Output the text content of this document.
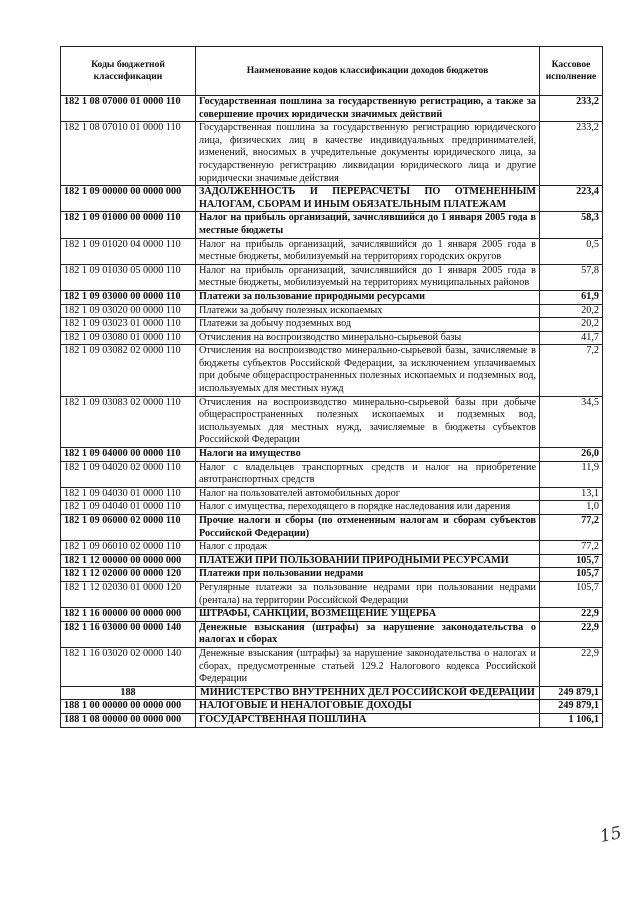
Коды бюджетной классификации	Наименование кодов классификации доходов бюджетов	Кассовое исполнение
182 1 08 07000 01 0000 110	Государственная пошлина за государственную регистрацию, а также за совершение прочих юридически значимых действий	233,2
182 1 08 07010 01 0000 110	Государственная пошлина за государственную регистрацию юридического лица, физических лиц в качестве индивидуальных предпринимателей, изменений, вносимых в учредительные документы юридического лица, за государственную регистрацию ликвидации юридического лица и другие юридически значимые действия	233,2
182 1 09 00000 00 0000 000	ЗАДОЛЖЕННОСТЬ И ПЕРЕРАСЧЕТЫ ПО ОТМЕНЕННЫМ НАЛОГАМ, СБОРАМ И ИНЫМ ОБЯЗАТЕЛЬНЫМ ПЛАТЕЖАМ	223,4
182 1 09 01000 00 0000 110	Налог на прибыль организаций, зачислявшийся до 1 января 2005 года в местные бюджеты	58,3
182 1 09 01020 04 0000 110	Налог на прибыль организаций, зачислявшийся до 1 января 2005 года в местные бюджеты, мобилизуемый на территориях городских округов	0,5
182 1 09 01030 05 0000 110	Налог на прибыль организаций, зачислявшийся до 1 января 2005 года в местные бюджеты, мобилизуемый на территориях муниципальных районов	57,8
182 1 09 03000 00 0000 110	Платежи за пользование природными ресурсами	61,9
182 1 09 03020 00 0000 110	Платежи за добычу полезных ископаемых	20,2
182 1 09 03023 01 0000 110	Платежи за добычу подземных вод	20,2
182 1 09 03080 01 0000 110	Отчисления на воспроизводство минерально-сырьевой базы	41,7
182 1 09 03082 02 0000 110	Отчисления на воспроизводство минерально-сырьевой базы, зачисляемые в бюджеты субъектов Российской Федерации, за исключением уплачиваемых при добыче общераспространенных полезных ископаемых и подземных вод, используемых для местных нужд	7,2
182 1 09 03083 02 0000 110	Отчисления на воспроизводство минерально-сырьевой базы при добыче общераспространенных полезных ископаемых и подземных вод, используемых для местных нужд, зачисляемые в бюджеты субъектов Российской Федерации	34,5
182 1 09 04000 00 0000 110	Налоги на имущество	26,0
182 1 09 04020 02 0000 110	Налог с владельцев транспортных средств и налог на приобретение автотранспортных средств	11,9
182 1 09 04030 01 0000 110	Налог на пользователей автомобильных дорог	13,1
182 1 09 04040 01 0000 110	Налог с имущества, переходящего в порядке наследования или дарения	1,0
182 1 09 06000 02 0000 110	Прочие налоги и сборы (по отмененным налогам и сборам субъектов Российской Федерации)	77,2
182 1 09 06010 02 0000 110	Налог с продаж	77,2
182 1 12 00000 00 0000 000	ПЛАТЕЖИ ПРИ ПОЛЬЗОВАНИИ ПРИРОДНЫМИ РЕСУРСАМИ	105,7
182 1 12 02000 00 0000 120	Платежи при пользовании недрами	105,7
182 1 12 02030 01 0000 120	Регулярные платежи за пользование недрами при пользовании недрами (рентала) на территории Российской Федерации	105,7
182 1 16 00000 00 0000 000	ШТРАФЫ, САНКЦИИ, ВОЗМЕЩЕНИЕ УЩЕРБА	22,9
182 1 16 03000 00 0000 140	Денежные взыскания (штрафы) за нарушение законодательства о налогах и сборах	22,9
182 1 16 03020 02 0000 140	Денежные взыскания (штрафы) за нарушение законодательства о налогах и сборах, предусмотренные статьей 129.2 Налогового кодекса Российской Федерации	22,9
188	МИНИСТЕРСТВО ВНУТРЕННИХ ДЕЛ РОССИЙСКОЙ ФЕДЕРАЦИИ	249 879,1
188 1 00 00000 00 0000 000	НАЛОГОВЫЕ И НЕНАЛОГОВЫЕ ДОХОДЫ	249 879,1
188 1 08 00000 00 0000 000	ГОСУДАРСТВЕННАЯ ПОШЛИНА	1 106,1
15
